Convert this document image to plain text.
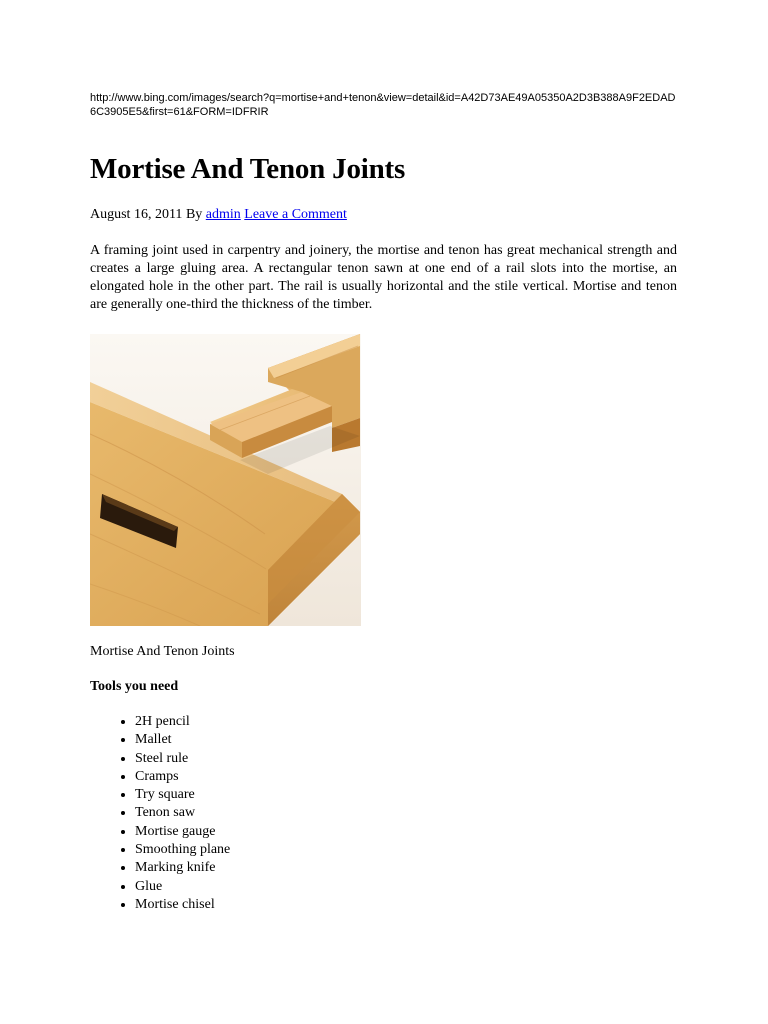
http://www.bing.com/images/search?q=mortise+and+tenon&view=detail&id=A42D73AE49A05350A2D3B388A9F2EDAD6C3905E5&first=61&FORM=IDFRIR

Mortise And Tenon Joints

August 16, 2011 By admin Leave a Comment

A framing joint used in carpentry and joinery, the mortise and tenon has great mechanical strength and creates a large gluing area. A rectangular tenon sawn at one end of a rail slots into the mortise, an elongated hole in the other part. The rail is usually horizontal and the stile vertical. Mortise and tenon are generally one-third the thickness of the timber.

Mortise And Tenon Joints

Tools you need

• 2H pencil
• Mallet
• Steel rule
• Cramps
• Try square
• Tenon saw
• Mortise gauge
• Smoothing plane
• Marking knife
• Glue
• Mortise chisel
